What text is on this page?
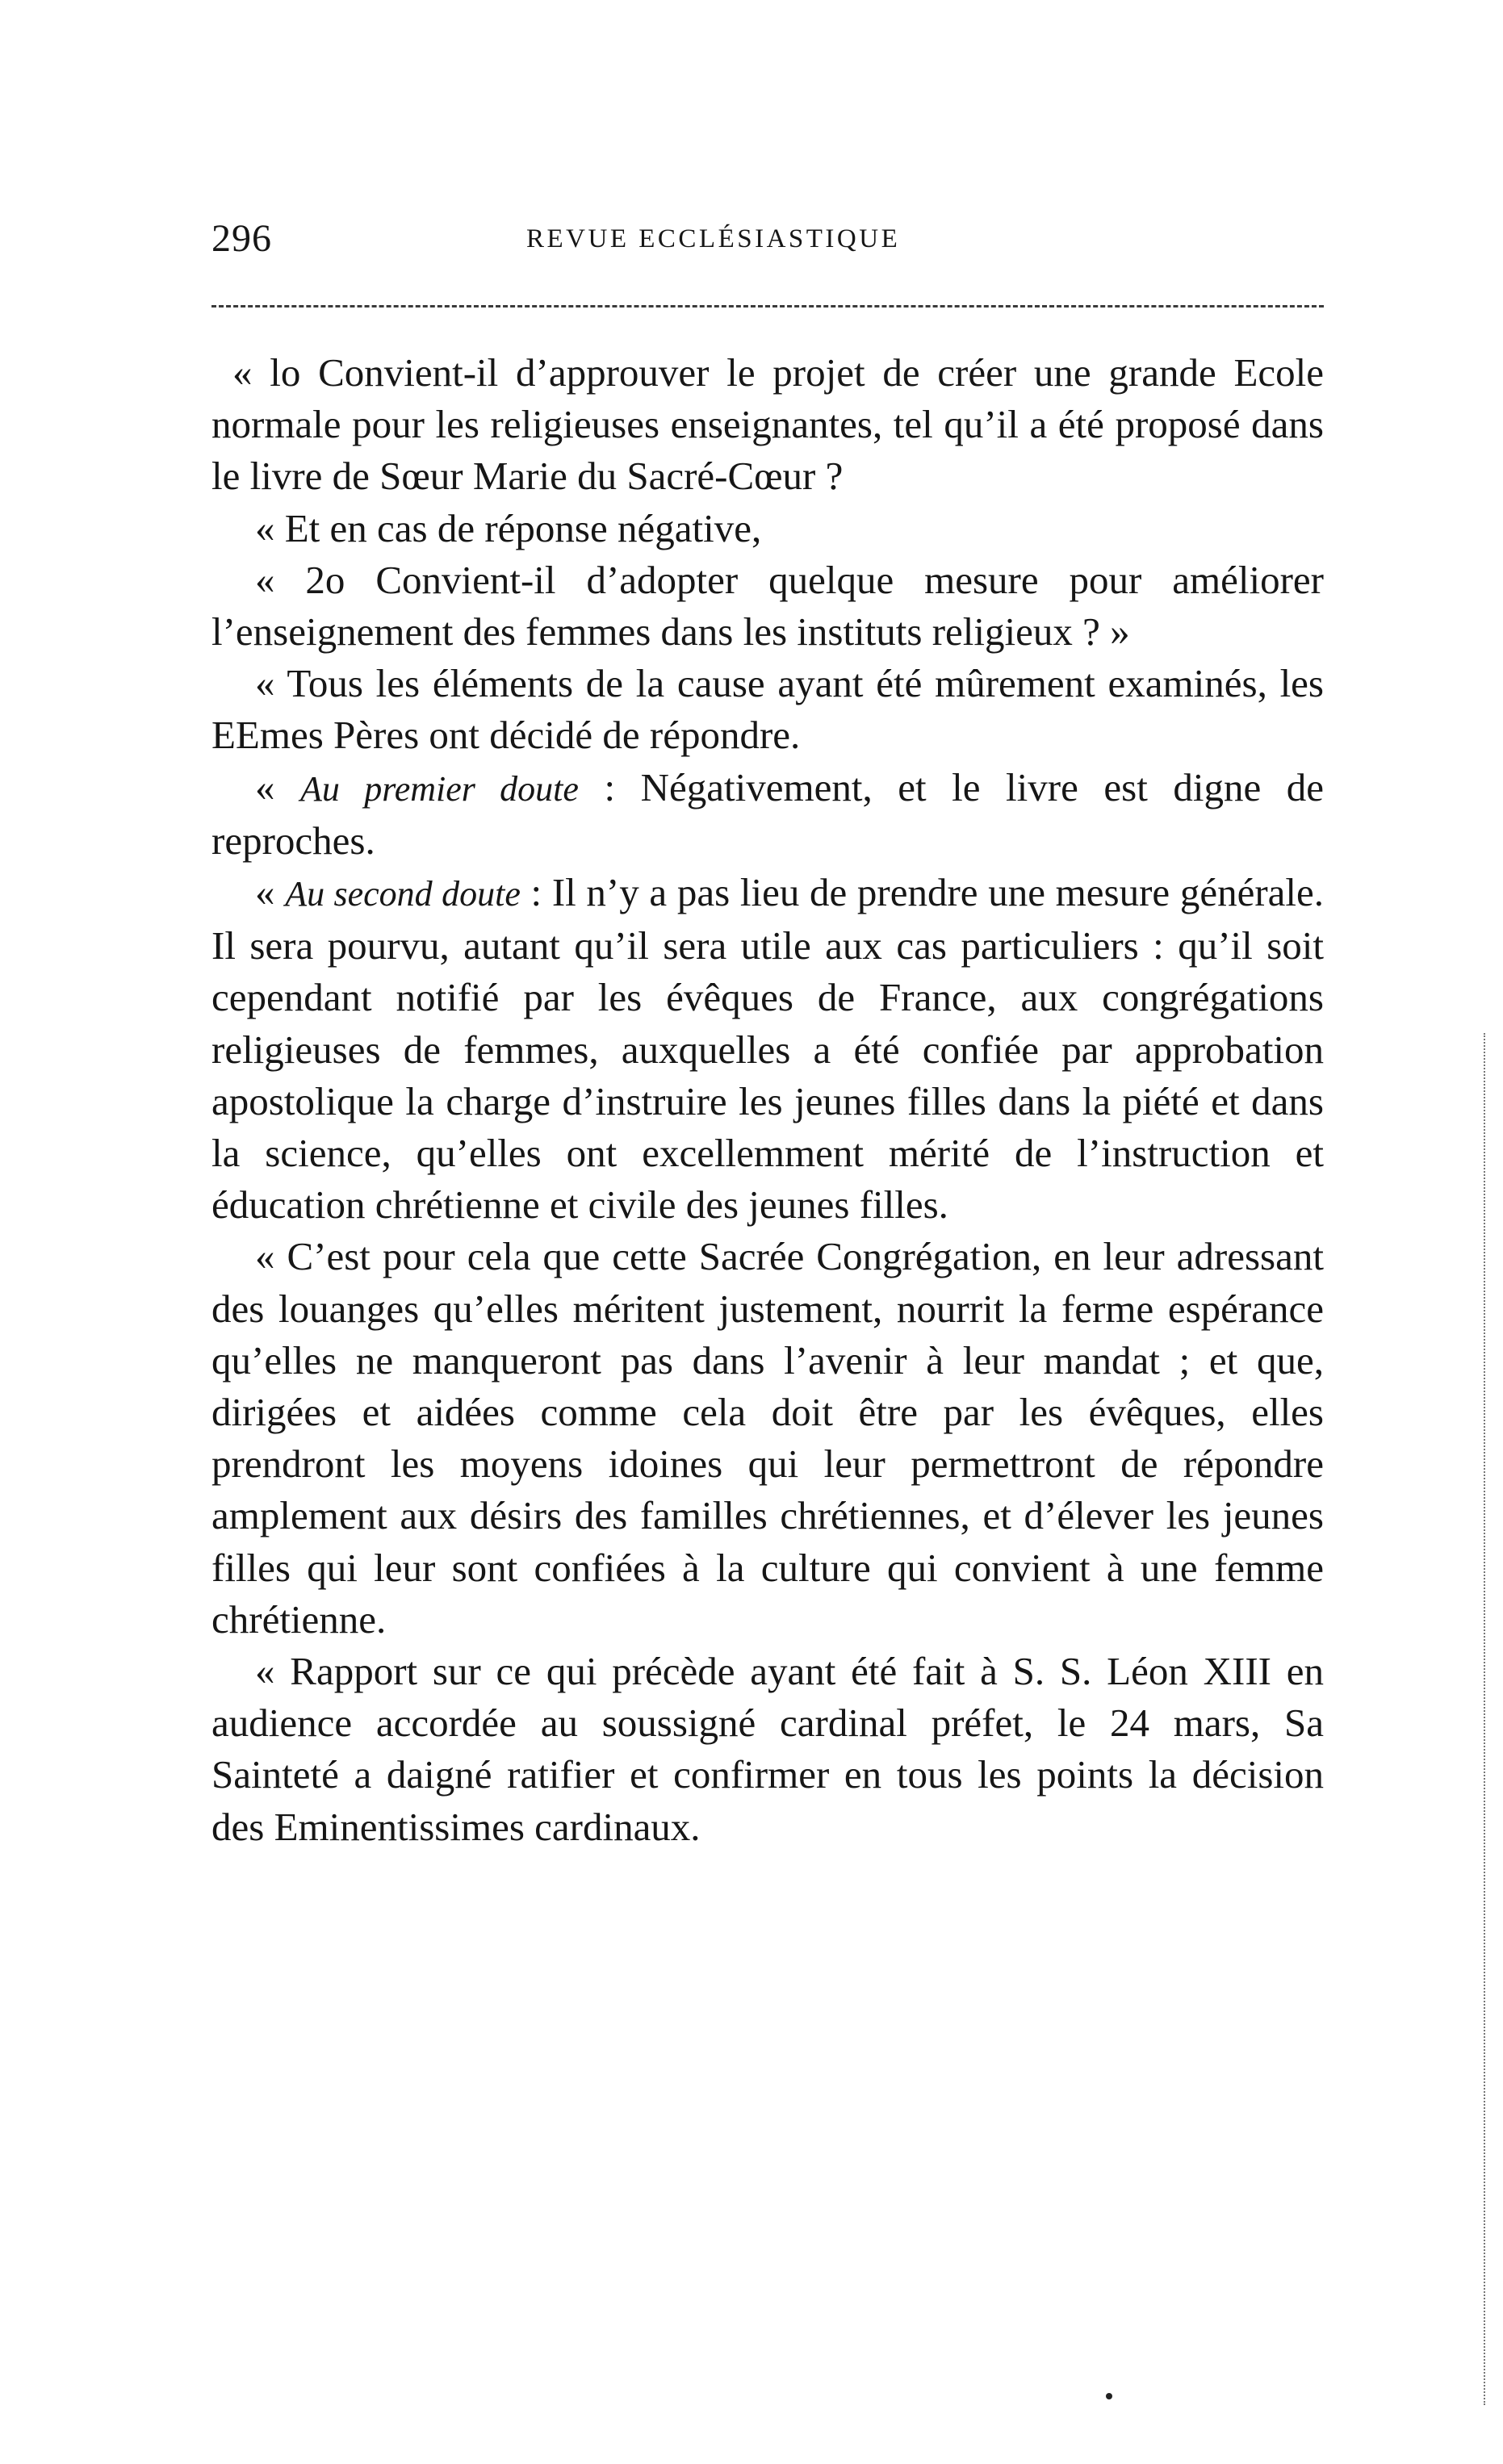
296	REVUE ECCLÉSIASTIQUE

« lo Convient-il d’approuver le projet de créer une grande Ecole normale pour les religieuses enseignantes, tel qu’il a été proposé dans le livre de Sœur Marie du Sacré-Cœur ?

« Et en cas de réponse négative,

« 2o Convient-il d’adopter quelque mesure pour améliorer l’enseignement des femmes dans les instituts religieux ? »

« Tous les éléments de la cause ayant été mûrement examinés, les EEmes Pères ont décidé de répondre.

« Au premier doute : Négativement, et le livre est digne de reproches.

« Au second doute : Il n’y a pas lieu de prendre une mesure générale. Il sera pourvu, autant qu’il sera utile aux cas particuliers : qu’il soit cependant notifié par les évêques de France, aux congrégations religieuses de femmes, auxquelles a été confiée par approbation apostolique la charge d’instruire les jeunes filles dans la piété et dans la science, qu’elles ont excellemment mérité de l’instruction et éducation chrétienne et civile des jeunes filles.

« C’est pour cela que cette Sacrée Congrégation, en leur adressant des louanges qu’elles méritent justement, nourrit la ferme espérance qu’elles ne manqueront pas dans l’avenir à leur mandat ; et que, dirigées et aidées comme cela doit être par les évêques, elles prendront les moyens idoines qui leur permettront de répondre amplement aux désirs des familles chrétiennes, et d’élever les jeunes filles qui leur sont confiées à la culture qui convient à une femme chrétienne.

« Rapport sur ce qui précède ayant été fait à S. S. Léon XIII en audience accordée au soussigné cardinal préfet, le 24 mars, Sa Sainteté a daigné ratifier et confirmer en tous les points la décision des Eminentissimes cardinaux.
